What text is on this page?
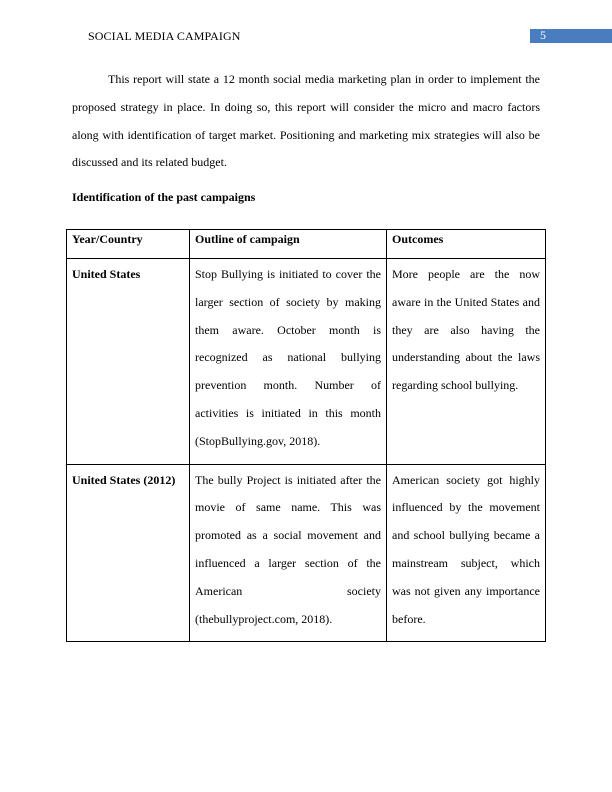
SOCIAL MEDIA CAMPAIGN	5

This report will state a 12 month social media marketing plan in order to implement the proposed strategy in place. In doing so, this report will consider the micro and macro factors along with identification of target market. Positioning and marketing mix strategies will also be discussed and its related budget.

Identification of the past campaigns

Year/Country	Outline of campaign	Outcomes
United States	Stop Bullying is initiated to cover the larger section of society by making them aware. October month is recognized as national bullying prevention month. Number of activities is initiated in this month (StopBullying.gov, 2018).	More people are the now aware in the United States and they are also having the understanding about the laws regarding school bullying.
United States (2012)	The bully Project is initiated after the movie of same name. This was promoted as a social movement and influenced a larger section of the American society (thebullyproject.com, 2018).	American society got highly influenced by the movement and school bullying became a mainstream subject, which was not given any importance before.
